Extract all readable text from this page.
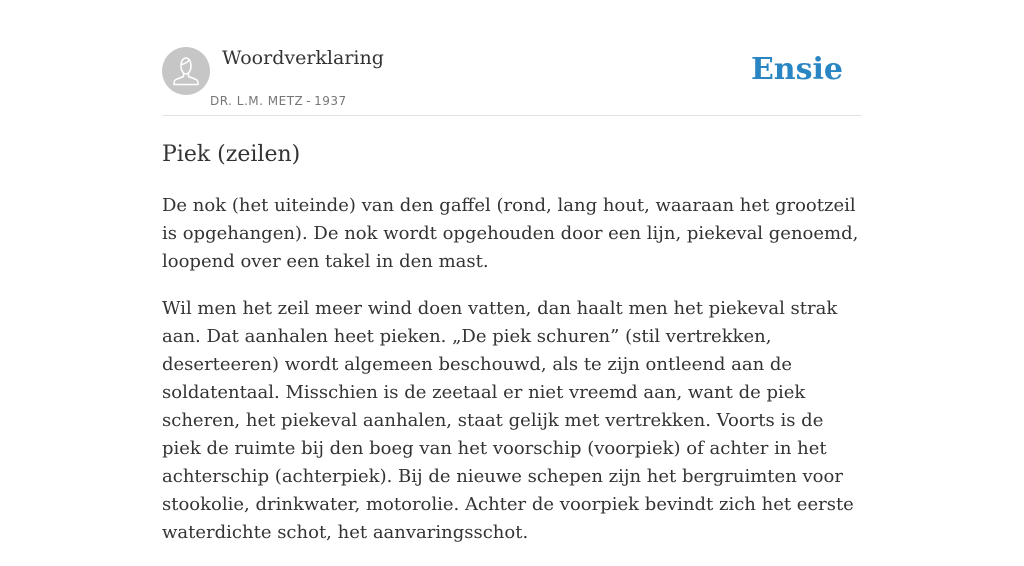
Woordverklaring
DR. L.M. METZ - 1937
Ensie
Piek (zeilen)

De nok (het uiteinde) van den gaffel (rond, lang hout, waaraan het grootzeil is opgehangen). De nok wordt opgehouden door een lijn, piekeval genoemd, loopend over een takel in den mast.

Wil men het zeil meer wind doen vatten, dan haalt men het piekeval strak aan. Dat aanhalen heet pieken. „De piek schuren” (stil vertrekken, deserteeren) wordt algemeen beschouwd, als te zijn ontleend aan de soldatentaal. Misschien is de zeetaal er niet vreemd aan, want de piek scheren, het piekeval aanhalen, staat gelijk met vertrekken. Voorts is de piek de ruimte bij den boeg van het voorschip (voorpiek) of achter in het achterschip (achterpiek). Bij de nieuwe schepen zijn het bergruimten voor stookolie, drinkwater, motorolie. Achter de voorpiek bevindt zich het eerste waterdichte schot, het aanvaringsschot.
